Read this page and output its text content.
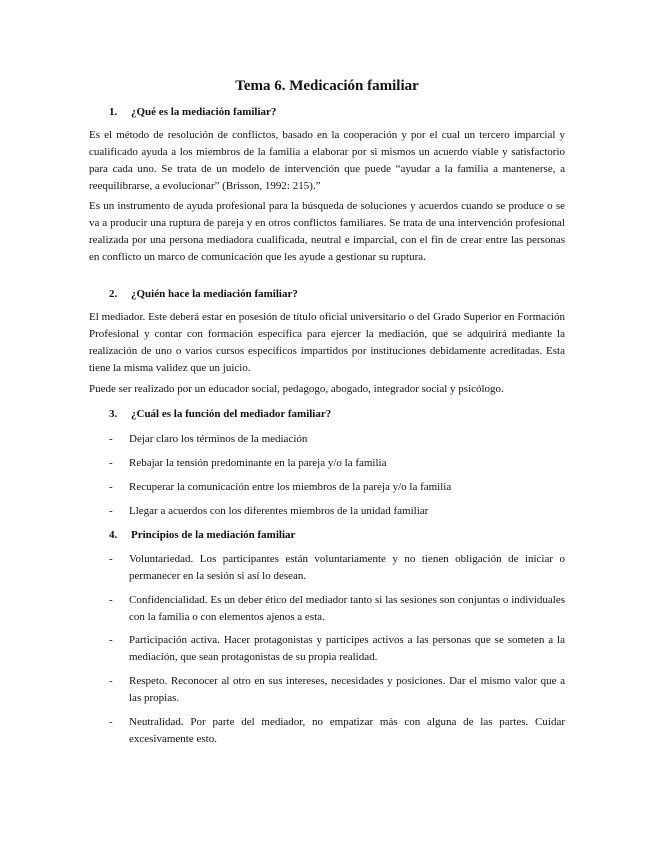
Tema 6. Medicación familiar
1. ¿Qué es la mediación familiar?
Es el método de resolución de conflictos, basado en la cooperación y por el cual un tercero imparcial y cualificado ayuda a los miembros de la familia a elaborar por si mismos un acuerdo viable y satisfactorio para cada uno. Se trata de un modelo de intervención que puede “ayudar a la familia a mantenerse, a reequilibrarse, a evolucionar” (Brisson, 1992: 215).”
Es un instrumento de ayuda profesional para la búsqueda de soluciones y acuerdos cuando se produce o se va a producir una ruptura de pareja y en otros conflictos familiares. Se trata de una intervención profesional realizada por una persona mediadora cualificada, neutral e imparcial, con el fin de crear entre las personas en conflicto un marco de comunicación que les ayude a gestionar su ruptura.
2. ¿Quién hace la mediación familiar?
El mediador. Este deberá estar en posesión de título oficial universitario o del Grado Superior en Formación Profesional y contar con formación específica para ejercer la mediación, que se adquirirá mediante la realización de uno o varios cursos específicos impartidos por instituciones debidamente acreditadas. Esta tiene la misma validez que un juicio.
Puede ser realizado por un educador social, pedagogo, abogado, integrador social y psicólogo.
3. ¿Cuál es la función del mediador familiar?
- Dejar claro los términos de la mediación
- Rebajar la tensión predominante en la pareja y/o la familia
- Recuperar la comunicación entre los miembros de la pareja y/o la familia
- Llegar a acuerdos con los diferentes miembros de la unidad familiar
4. Principios de la mediación familiar
- Voluntariedad. Los participantes están voluntariamente y no tienen obligación de iniciar o permanecer en la sesión si así lo desean.
- Confidencialidad. Es un deber ético del mediador tanto si las sesiones son conjuntas o individuales con la familia o con elementos ajenos a esta.
- Participación activa. Hacer protagonistas y partícipes activos a las personas que se someten a la mediación, que sean protagonistas de su propia realidad.
- Respeto. Reconocer al otro en sus intereses, necesidades y posiciones. Dar el mismo valor que a las propias.
- Neutralidad. Por parte del mediador, no empatizar más con alguna de las partes. Cuidar excesivamente esto.
